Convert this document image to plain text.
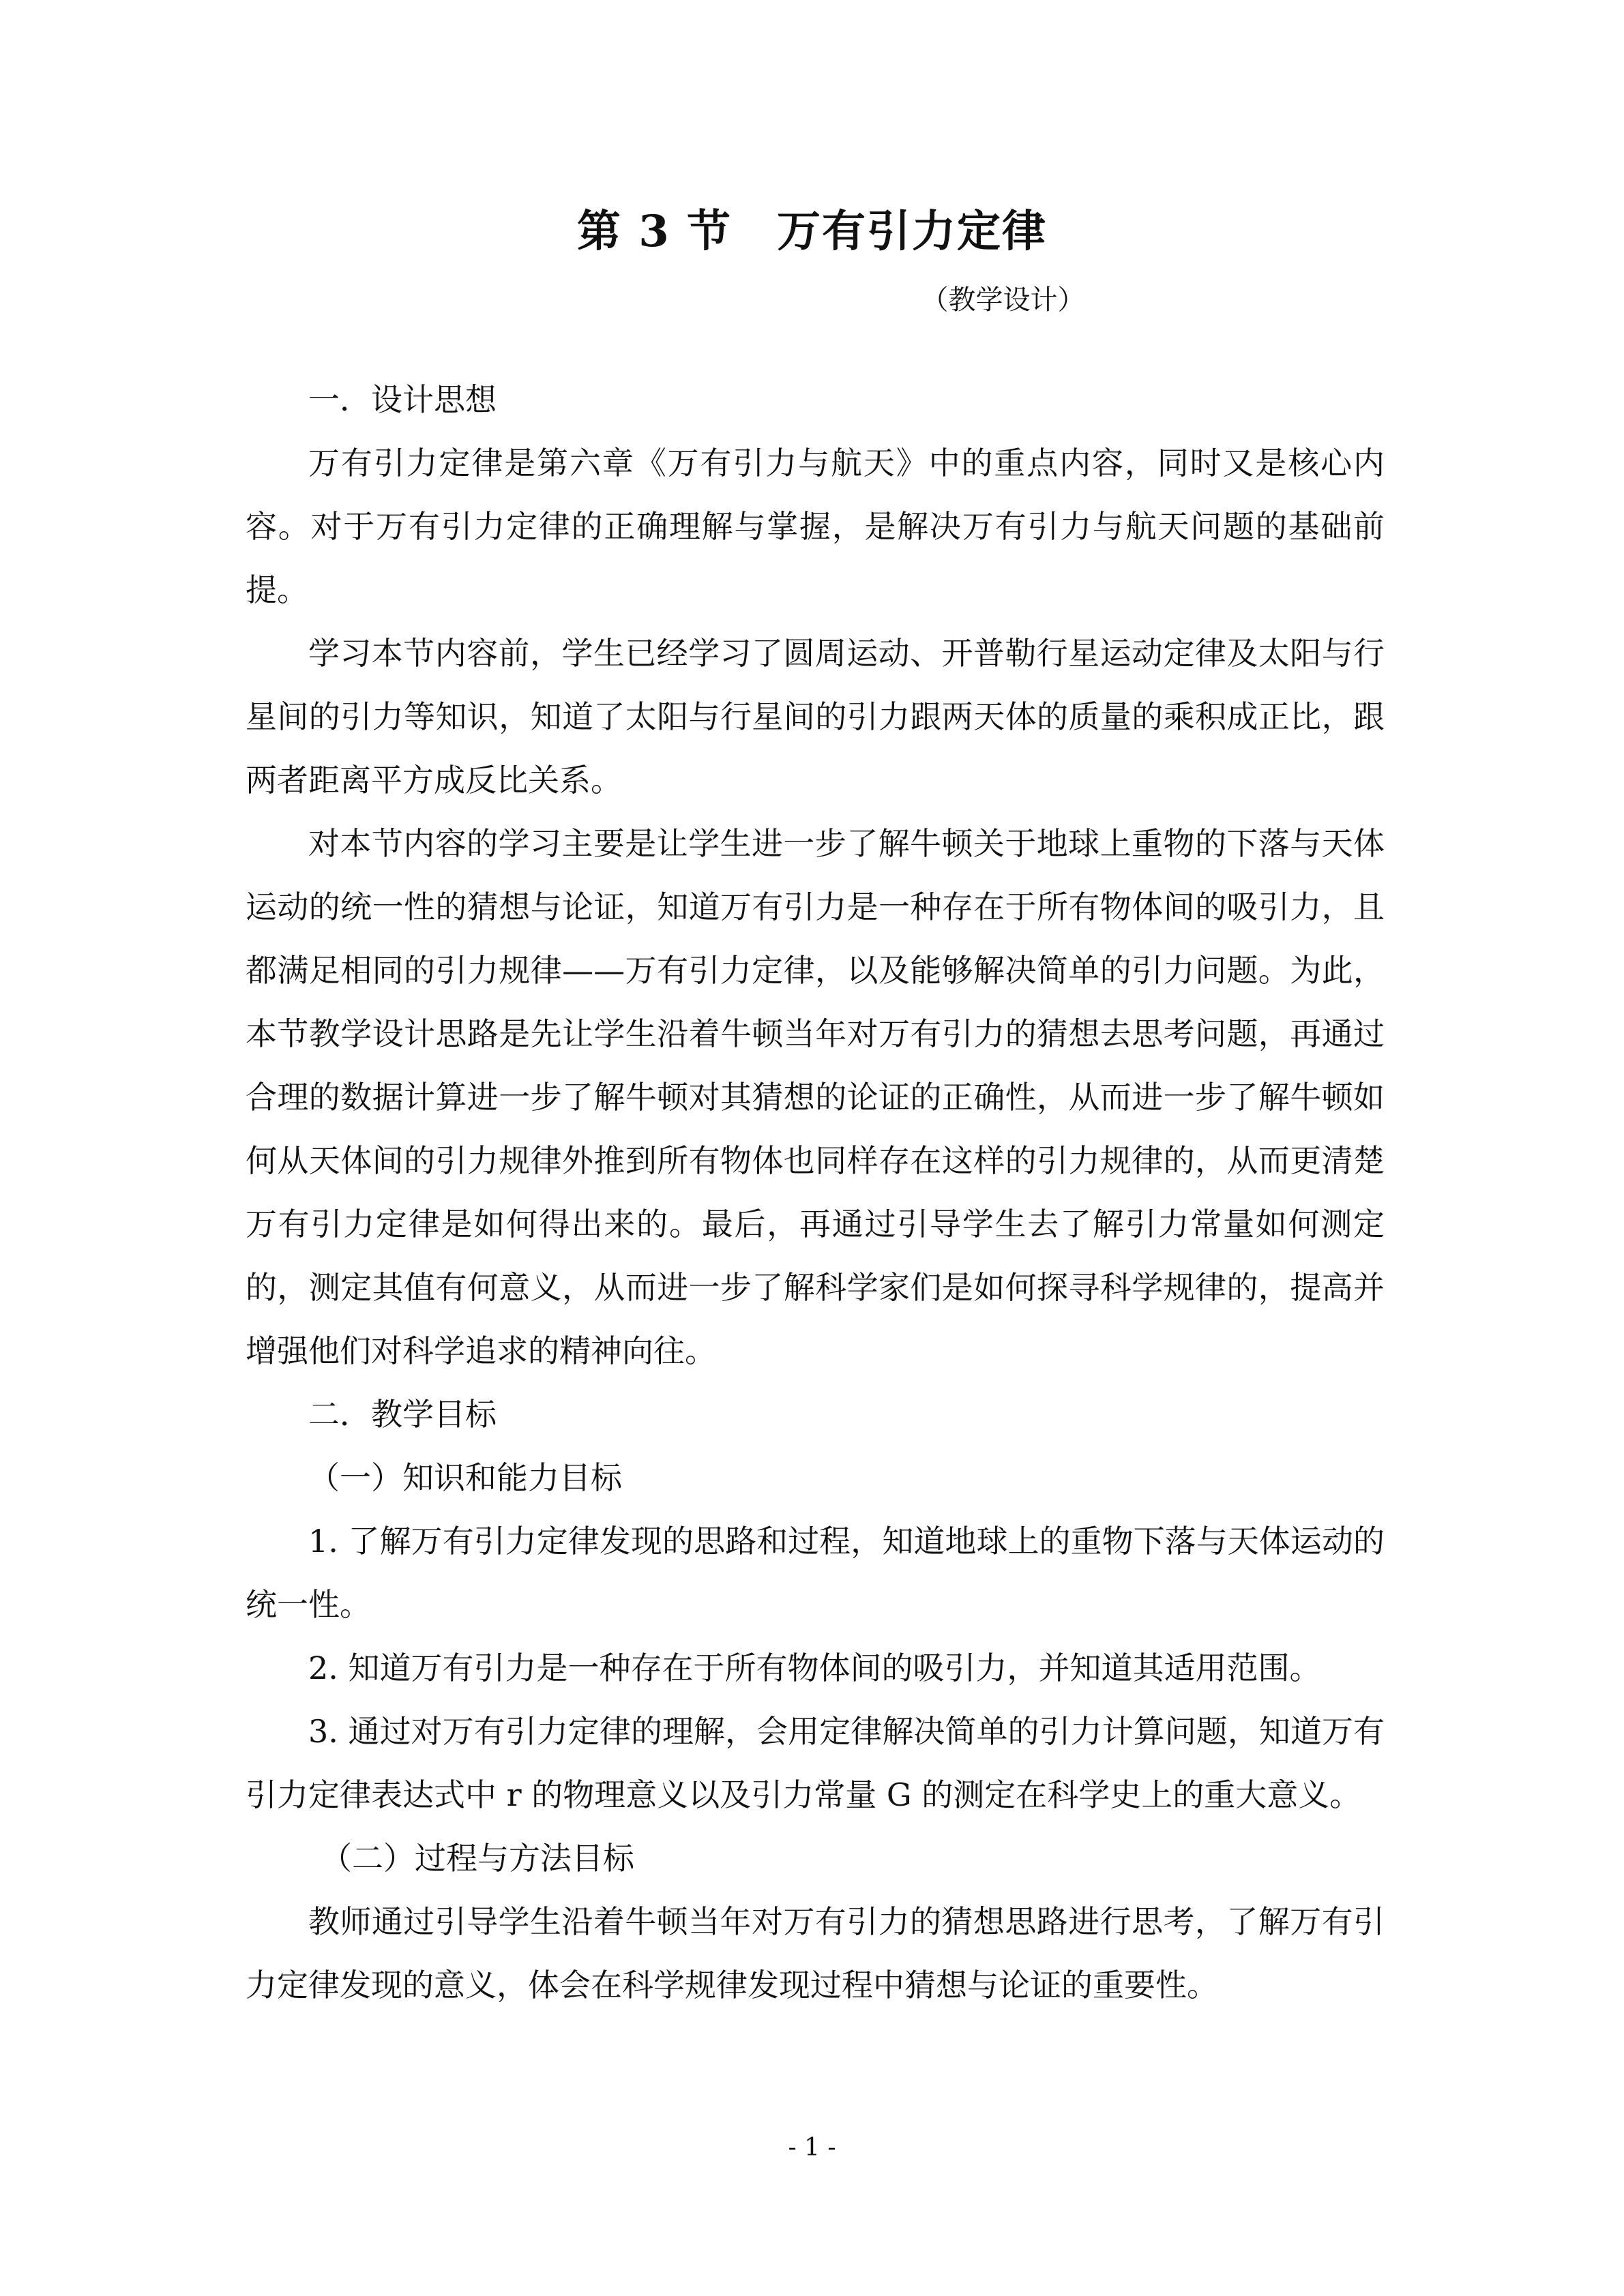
第 3 节　万有引力定律
（教学设计）

一．设计思想

万有引力定律是第六章《万有引力与航天》中的重点内容，同时又是核心内容。对于万有引力定律的正确理解与掌握，是解决万有引力与航天问题的基础前提。

学习本节内容前，学生已经学习了圆周运动、开普勒行星运动定律及太阳与行星间的引力等知识，知道了太阳与行星间的引力跟两天体的质量的乘积成正比，跟两者距离平方成反比关系。

对本节内容的学习主要是让学生进一步了解牛顿关于地球上重物的下落与天体运动的统一性的猜想与论证，知道万有引力是一种存在于所有物体间的吸引力，且都满足相同的引力规律——万有引力定律，以及能够解决简单的引力问题。为此，本节教学设计思路是先让学生沿着牛顿当年对万有引力的猜想去思考问题，再通过合理的数据计算进一步了解牛顿对其猜想的论证的正确性，从而进一步了解牛顿如何从天体间的引力规律外推到所有物体也同样存在这样的引力规律的，从而更清楚万有引力定律是如何得出来的。最后，再通过引导学生去了解引力常量如何测定的，测定其值有何意义，从而进一步了解科学家们是如何探寻科学规律的，提高并增强他们对科学追求的精神向往。

二．教学目标

（一）知识和能力目标

1. 了解万有引力定律发现的思路和过程，知道地球上的重物下落与天体运动的统一性。

2. 知道万有引力是一种存在于所有物体间的吸引力，并知道其适用范围。

3. 通过对万有引力定律的理解，会用定律解决简单的引力计算问题，知道万有引力定律表达式中 r 的物理意义以及引力常量 G 的测定在科学史上的重大意义。

（二）过程与方法目标

教师通过引导学生沿着牛顿当年对万有引力的猜想思路进行思考，了解万有引力定律发现的意义，体会在科学规律发现过程中猜想与论证的重要性。

- 1 -
